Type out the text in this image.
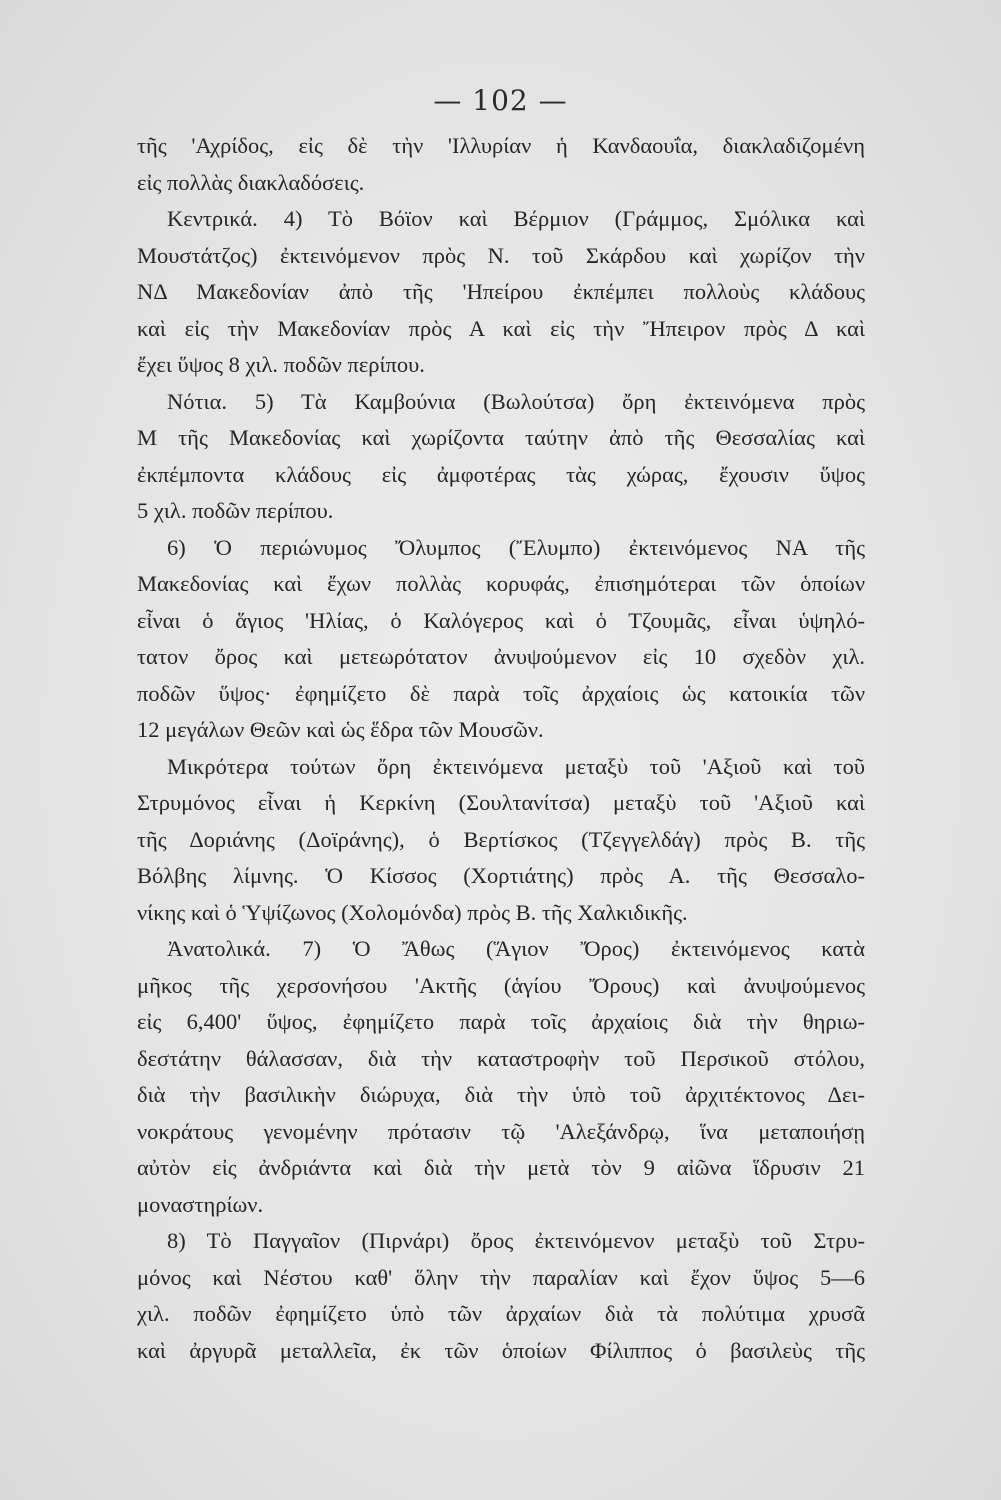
— 102 —
τῆς 'Αχρίδος, εἰς δὲ τὴν 'Ιλλυρίαν ἡ Κανδαουΐα, διακλαδιζομένη
εἰς πολλὰς διακλαδόσεις.
Κεντρικά. 4) Τὸ Βόϊον καὶ Βέρμιον (Γράμμος, Σμόλικα καὶ
Μουστάτζος) ἐκτεινόμενον πρὸς Ν. τοῦ Σκάρδου καὶ χωρίζον τὴν
ΝΔ Μακεδονίαν ἀπὸ τῆς 'Ηπείρου ἐκπέμπει πολλοὺς κλάδους
καὶ εἰς τὴν Μακεδονίαν πρὸς Α καὶ εἰς τὴν Ἤπειρον πρὸς Δ καὶ
ἔχει ὕψος 8 χιλ. ποδῶν περίπου.
Νότια. 5) Τὰ Καμβούνια (Βωλούτσα) ὄρη ἐκτεινόμενα πρὸς
Μ τῆς Μακεδονίας καὶ χωρίζοντα ταύτην ἀπὸ τῆς Θεσσαλίας καὶ
ἐκπέμποντα κλάδους εἰς ἀμφοτέρας τὰς χώρας, ἔχουσιν ὕψος
5 χιλ. ποδῶν περίπου.
6) Ὁ περιώνυμος Ὄλυμπος (Ἔλυμπο) ἐκτεινόμενος ΝΑ τῆς
Μακεδονίας καὶ ἔχων πολλὰς κορυφάς, ἐπισημότεραι τῶν ὁποίων
εἶναι ὁ ἅγιος 'Ηλίας, ὁ Καλόγερος καὶ ὁ Τζουμᾶς, εἶναι ὑψηλό-
τατον ὄρος καὶ μετεωρότατον ἀνυψούμενον εἰς 10 σχεδὸν χιλ.
ποδῶν ὕψος· ἐφημίζετο δὲ παρὰ τοῖς ἀρχαίοις ὡς κατοικία τῶν
12 μεγάλων Θεῶν καὶ ὡς ἕδρα τῶν Μουσῶν.
Μικρότερα τούτων ὄρη ἐκτεινόμενα μεταξὺ τοῦ 'Αξιοῦ καὶ τοῦ
Στρυμόνος εἶναι ἡ Κερκίνη (Σουλτανίτσα) μεταξὺ τοῦ 'Αξιοῦ καὶ
τῆς Δοριάνης (Δοϊράνης), ὁ Βερτίσκος (Τζεγγελδάγ) πρὸς Β. τῆς
Βόλβης λίμνης. Ὁ Κίσσος (Χορτιάτης) πρὸς Α. τῆς Θεσσαλο-
νίκης καὶ ὁ Ὑψίζωνος (Χολομόνδα) πρὸς Β. τῆς Χαλκιδικῆς.
Ἀνατολικά. 7) Ὁ Ἄθως (Ἅγιον Ὄρος) ἐκτεινόμενος κατὰ
μῆκος τῆς χερσονήσου 'Ακτῆς (ἁγίου Ὄρους) καὶ ἀνυψούμενος
εἰς 6,400' ὕψος, ἐφημίζετο παρὰ τοῖς ἀρχαίοις διὰ τὴν θηριω-
δεστάτην θάλασσαν, διὰ τὴν καταστροφὴν τοῦ Περσικοῦ στόλου,
διὰ τὴν βασιλικὴν διώρυχα, διὰ τὴν ὑπὸ τοῦ ἀρχιτέκτονος Δει-
νοκράτους γενομένην πρότασιν τῷ 'Αλεξάνδρῳ, ἵνα μεταποιήσῃ
αὐτὸν εἰς ἀνδριάντα καὶ διὰ τὴν μετὰ τὸν 9 αἰῶνα ἵδρυσιν 21
μοναστηρίων.
8) Τὸ Παγγαῖον (Πιρνάρι) ὄρος ἐκτεινόμενον μεταξὺ τοῦ Στρυ-
μόνος καὶ Νέστου καθ' ὅλην τὴν παραλίαν καὶ ἔχον ὕψος 5—6
χιλ. ποδῶν ἐφημίζετο ὑπὸ τῶν ἀρχαίων διὰ τὰ πολύτιμα χρυσᾶ
καὶ ἀργυρᾶ μεταλλεῖα, ἐκ τῶν ὁποίων Φίλιππος ὁ βασιλεὺς τῆς
